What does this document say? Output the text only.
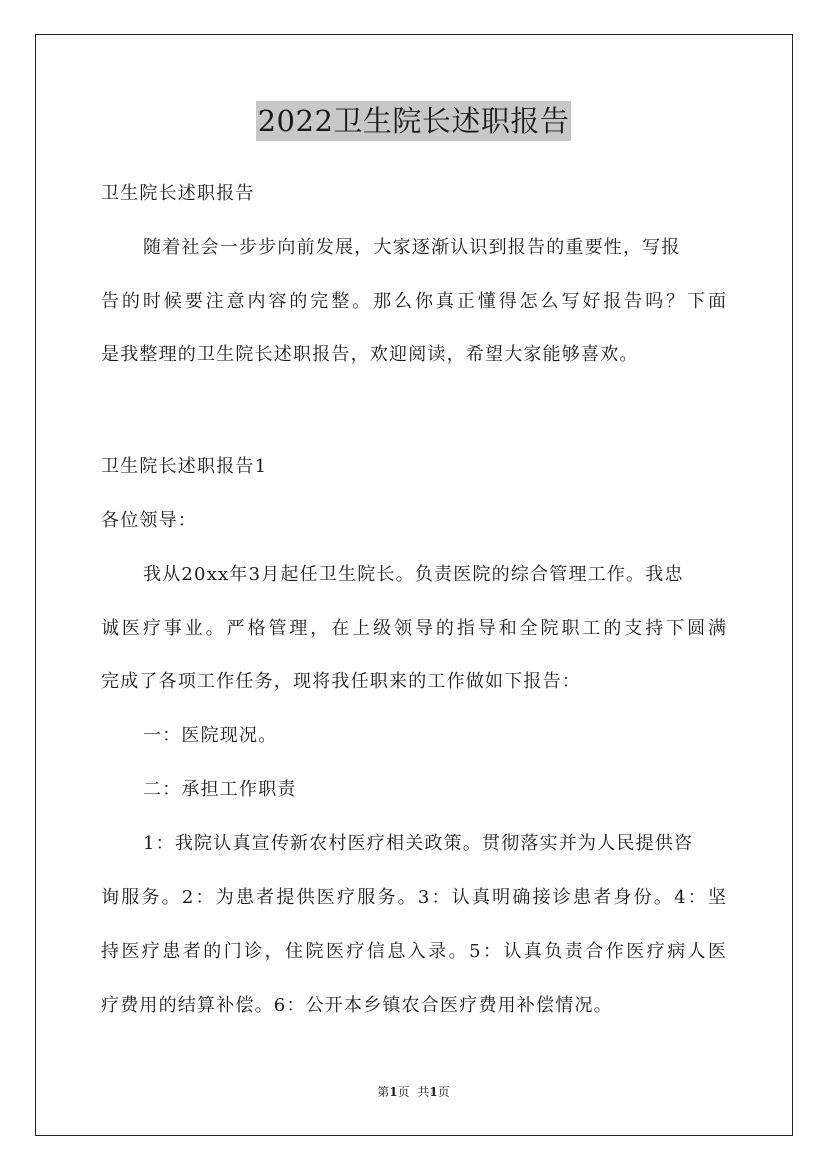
2022卫生院长述职报告
卫生院长述职报告
随着社会一步步向前发展，大家逐渐认识到报告的重要性，写报
告的时候要注意内容的完整。那么你真正懂得怎么写好报告吗？下面
是我整理的卫生院长述职报告，欢迎阅读，希望大家能够喜欢。
卫生院长述职报告1
各位领导：
我从20xx年3月起任卫生院长。负责医院的综合管理工作。我忠
诚医疗事业。严格管理，在上级领导的指导和全院职工的支持下圆满
完成了各项工作任务，现将我任职来的工作做如下报告：
一：医院现况。
二：承担工作职责
1：我院认真宣传新农村医疗相关政策。贯彻落实并为人民提供咨
询服务。2：为患者提供医疗服务。3：认真明确接诊患者身份。4：坚
持医疗患者的门诊，住院医疗信息入录。5：认真负责合作医疗病人医
疗费用的结算补偿。6：公开本乡镇农合医疗费用补偿情况。
第1页 共1页
